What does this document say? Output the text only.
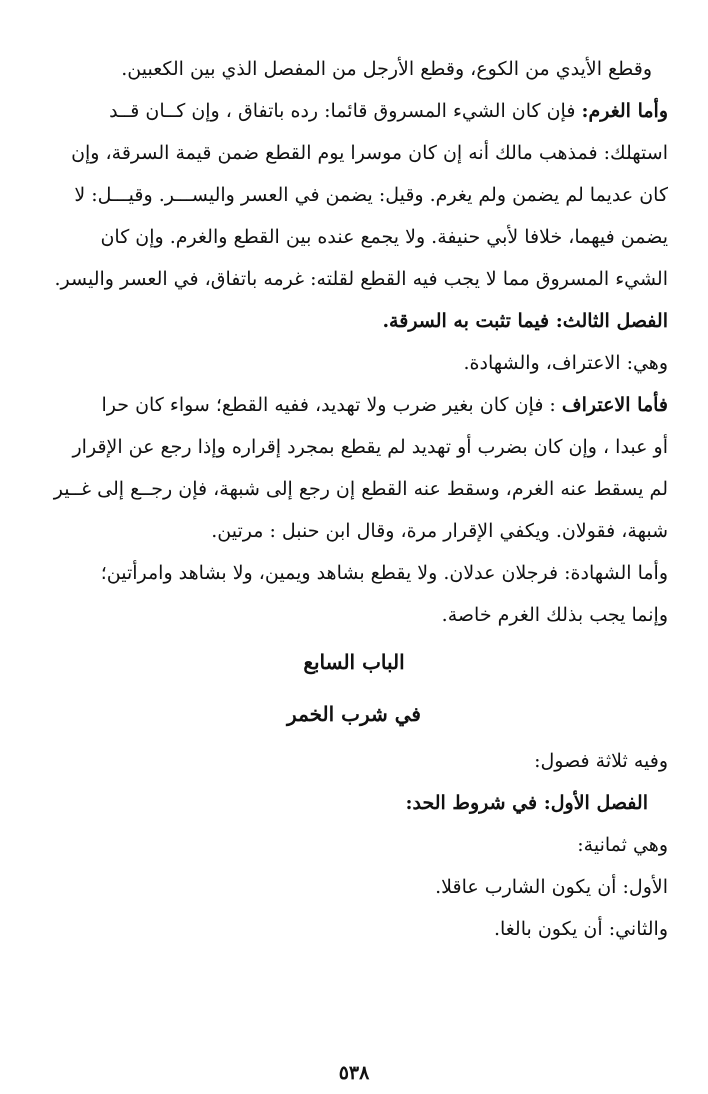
وقطع الأيدي من الكوع، وقطع الأرجل من المفصل الذي بين الكعبين.
وأما الغرم: فإن كان الشيء المسروق قائما: رده باتفاق ، وإن كــان قــد
استهلك: فمذهب مالك أنه إن كان موسرا يوم القطع ضمن قيمة السرقة، وإن
كان عديما لم يضمن ولم يغرم. وقيل: يضمن في العسر واليســـر. وقيـــل: لا
يضمن فيهما، خلافا لأبي حنيفة. ولا يجمع عنده بين القطع والغرم. وإن كان
الشيء المسروق مما لا يجب فيه القطع لقلته: غرمه باتفاق، في العسر واليسر.
الفصل الثالث: فيما تثبت به السرقة.
وهي: الاعتراف، والشهادة.
فأما الاعتراف : فإن كان بغير ضرب ولا تهديد، ففيه القطع؛ سواء كان حرا
أو عبدا ، وإن كان بضرب أو تهديد لم يقطع بمجرد إقراره وإذا رجع عن الإقرار
لم يسقط عنه الغرم، وسقط عنه القطع إن رجع إلى شبهة، فإن رجــع إلى غــير
شبهة، فقولان. ويكفي الإقرار مرة، وقال ابن حنبل : مرتين.
وأما الشهادة: فرجلان عدلان. ولا يقطع بشاهد ويمين، ولا بشاهد وامرأتين؛
وإنما يجب بذلك الغرم خاصة.
الباب السابع
في شرب الخمر
وفيه ثلاثة فصول:
الفصل الأول: في شروط الحد:
وهي ثمانية:
الأول: أن يكون الشارب عاقلا.
والثاني: أن يكون بالغا.
٥٣٨
